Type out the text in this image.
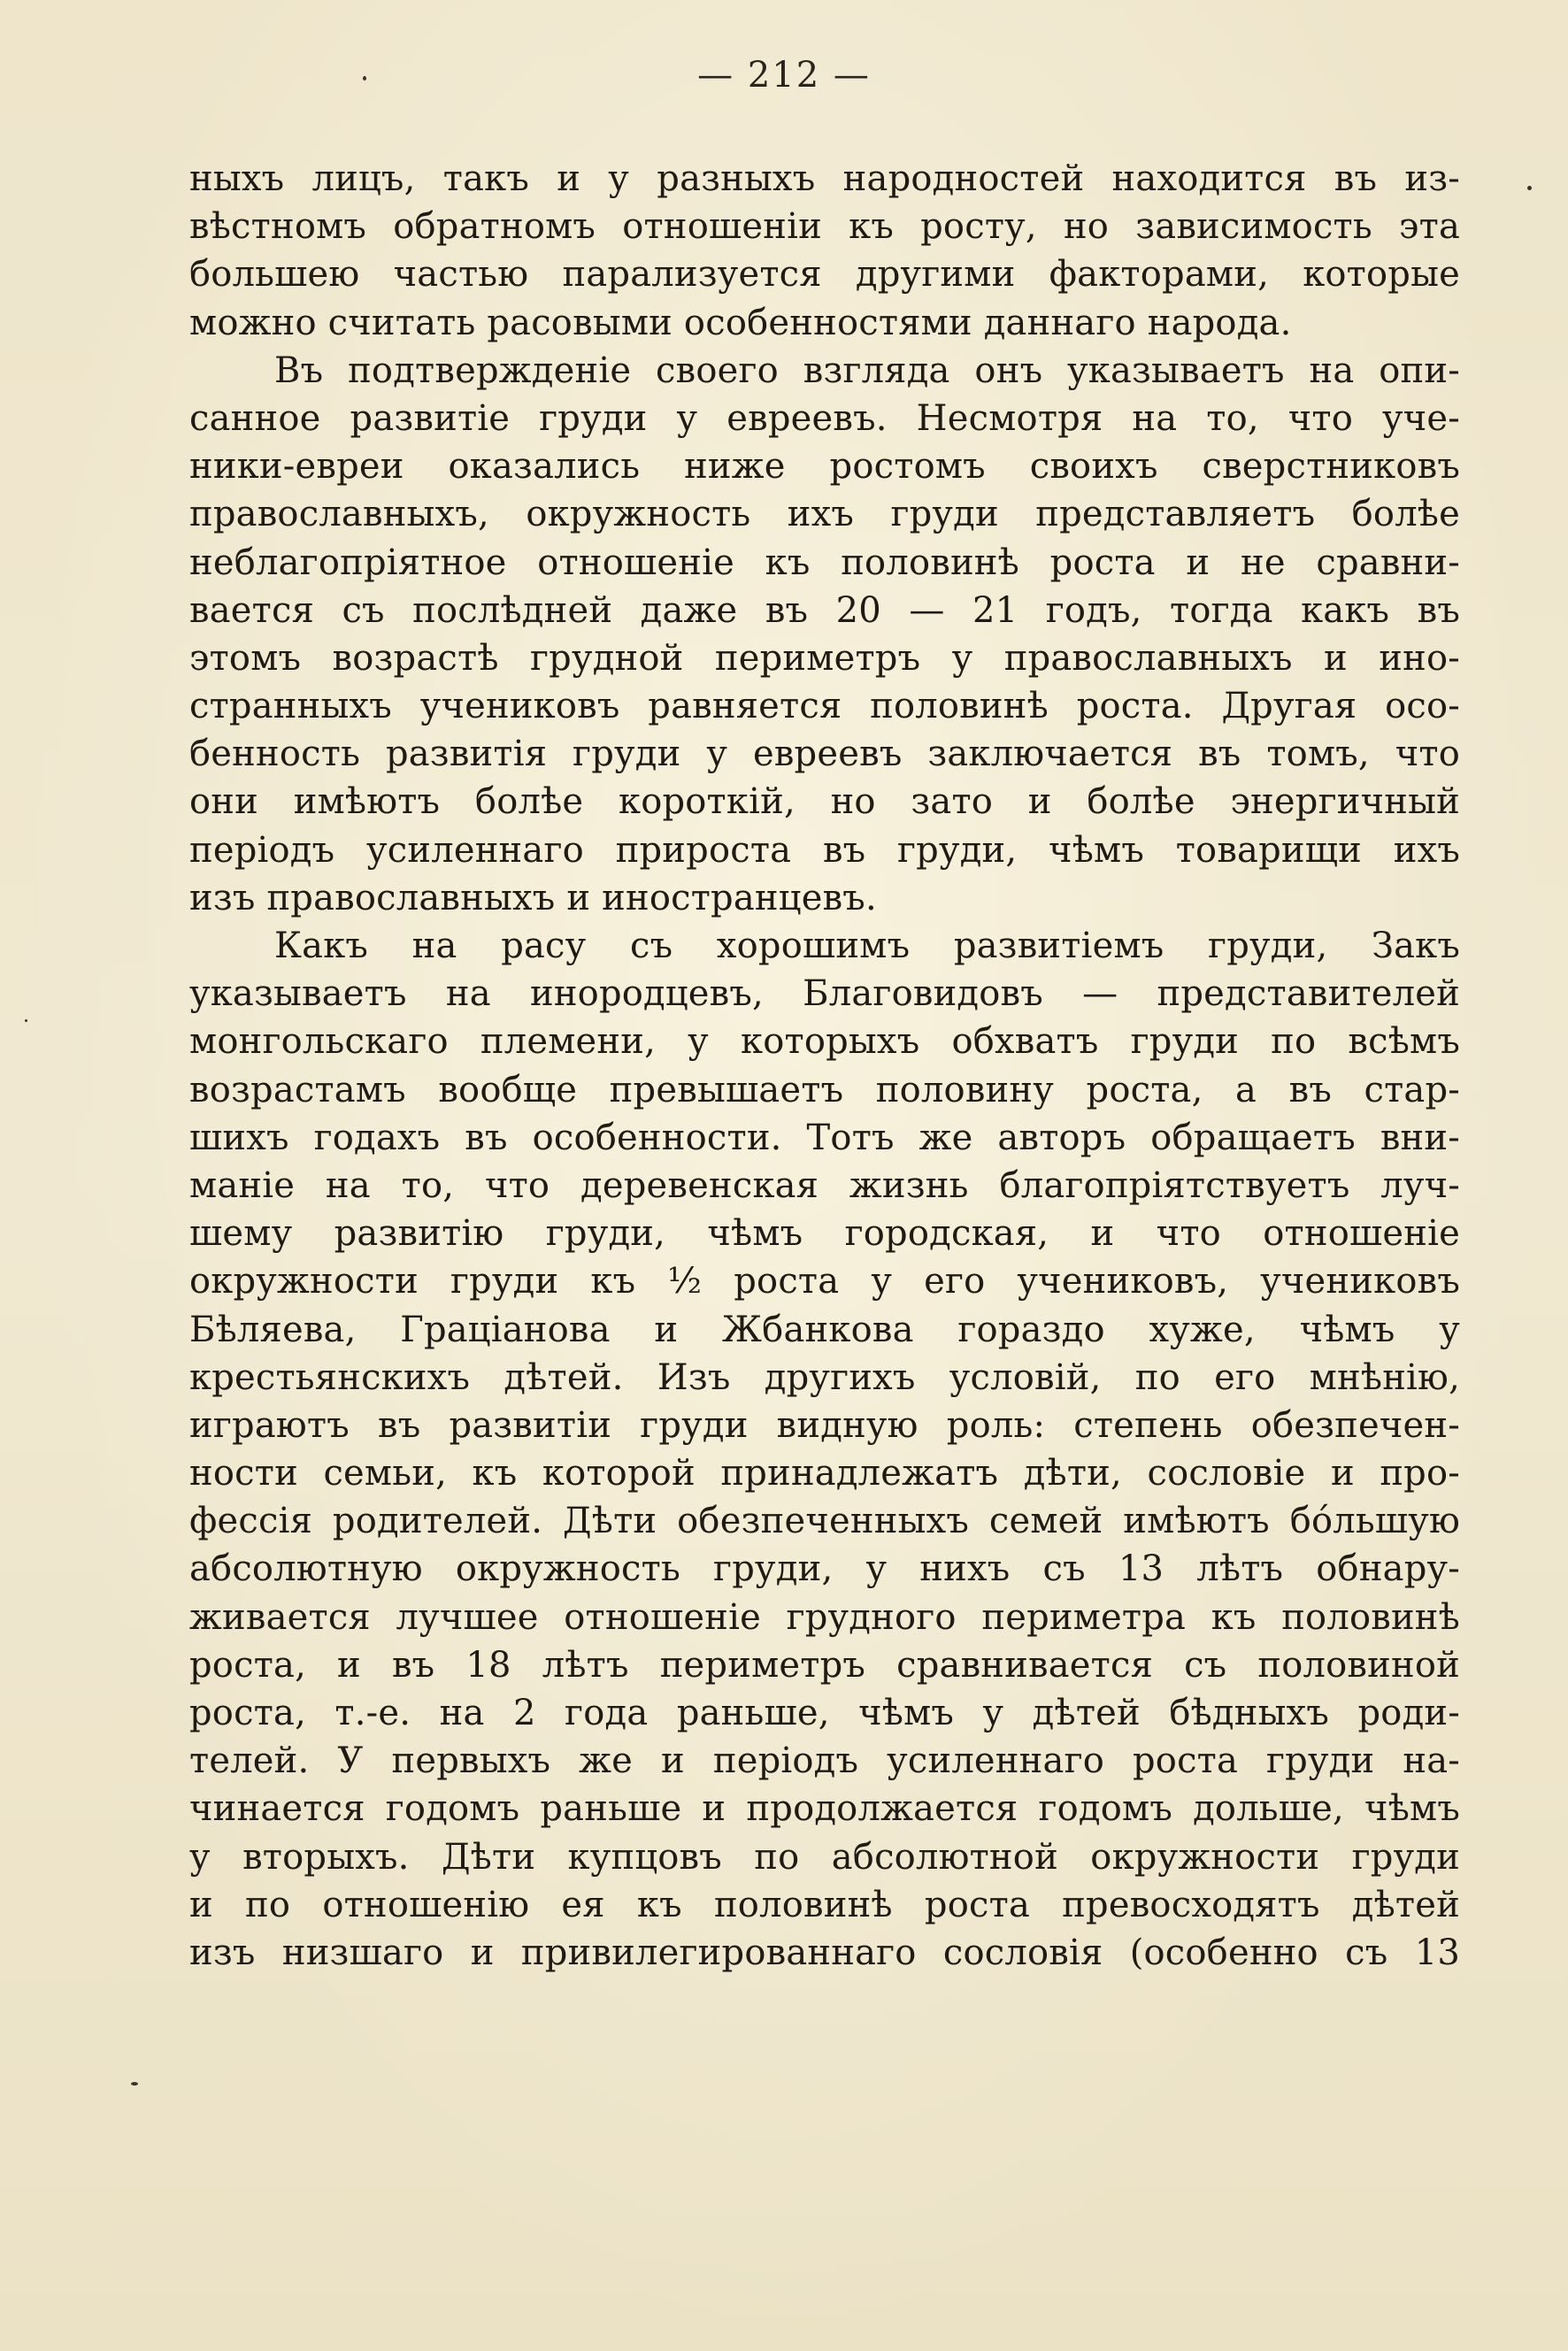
— 212 —
ныхъ лицъ, такъ и у разныхъ народностей находится въ из-
вѣстномъ обратномъ отношеніи къ росту, но зависимость эта
большею частью парализуется другими факторами, которые
можно считать расовыми особенностями даннаго народа.
Въ подтвержденіе своего взгляда онъ указываетъ на опи-
санное развитіе груди у евреевъ. Несмотря на то, что уче-
ники-евреи оказались ниже ростомъ своихъ сверстниковъ
православныхъ, окружность ихъ груди представляетъ болѣе
неблагопріятное отношеніе къ половинѣ роста и не сравни-
вается съ послѣдней даже въ 20 — 21 годъ, тогда какъ въ
этомъ возрастѣ грудной периметръ у православныхъ и ино-
странныхъ учениковъ равняется половинѣ роста. Другая осо-
бенность развитія груди у евреевъ заключается въ томъ, что
они имѣютъ болѣе короткій, но зато и болѣе энергичный
періодъ усиленнаго прироста въ груди, чѣмъ товарищи ихъ
изъ православныхъ и иностранцевъ.
Какъ на расу съ хорошимъ развитіемъ груди, Закъ
указываетъ на инородцевъ, Благовидовъ — представителей
монгольскаго племени, у которыхъ обхватъ груди по всѣмъ
возрастамъ вообще превышаетъ половину роста, а въ стар-
шихъ годахъ въ особенности. Тотъ же авторъ обращаетъ вни-
маніе на то, что деревенская жизнь благопріятствуетъ луч-
шему развитію груди, чѣмъ городская, и что отношеніе
окружности груди къ ½ роста у его учениковъ, учениковъ
Бѣляева, Граціанова и Жбанкова гораздо хуже, чѣмъ у
крестьянскихъ дѣтей. Изъ другихъ условій, по его мнѣнію,
играютъ въ развитіи груди видную роль: степень обезпечен-
ности семьи, къ которой принадлежатъ дѣти, сословіе и про-
фессія родителей. Дѣти обезпеченныхъ семей имѣютъ бóльшую
абсолютную окружность груди, у нихъ съ 13 лѣтъ обнару-
живается лучшее отношеніе грудного периметра къ половинѣ
роста, и въ 18 лѣтъ периметръ сравнивается съ половиной
роста, т.-е. на 2 года раньше, чѣмъ у дѣтей бѣдныхъ роди-
телей. У первыхъ же и періодъ усиленнаго роста груди на-
чинается годомъ раньше и продолжается годомъ дольше, чѣмъ
у вторыхъ. Дѣти купцовъ по абсолютной окружности груди
и по отношенію ея къ половинѣ роста превосходятъ дѣтей
изъ низшаго и привилегированнаго сословія (особенно съ 13
